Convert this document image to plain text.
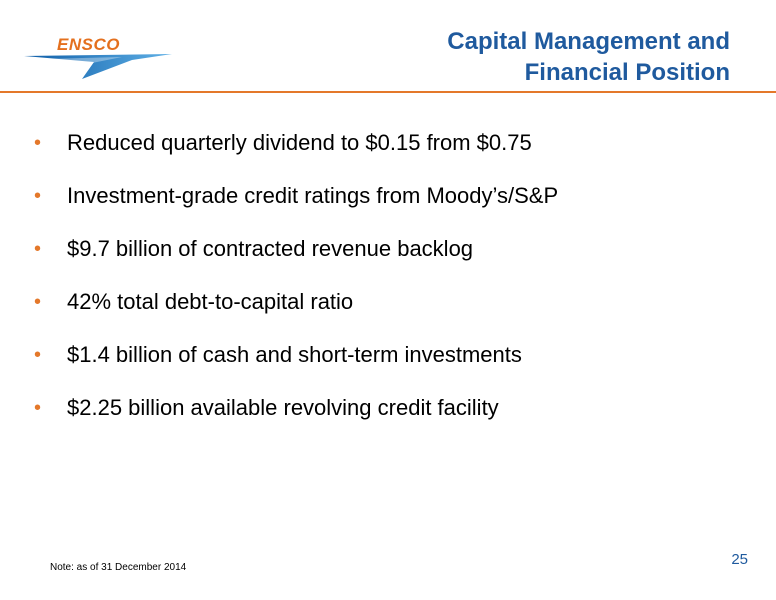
ENSCO	Capital Management and
Financial Position
• Reduced quarterly dividend to $0.15 from $0.75
• Investment-grade credit ratings from Moody’s/S&P
• $9.7 billion of contracted revenue backlog
• 42% total debt-to-capital ratio
• $1.4 billion of cash and short-term investments
• $2.25 billion available revolving credit facility
Note: as of 31 December 2014	25
